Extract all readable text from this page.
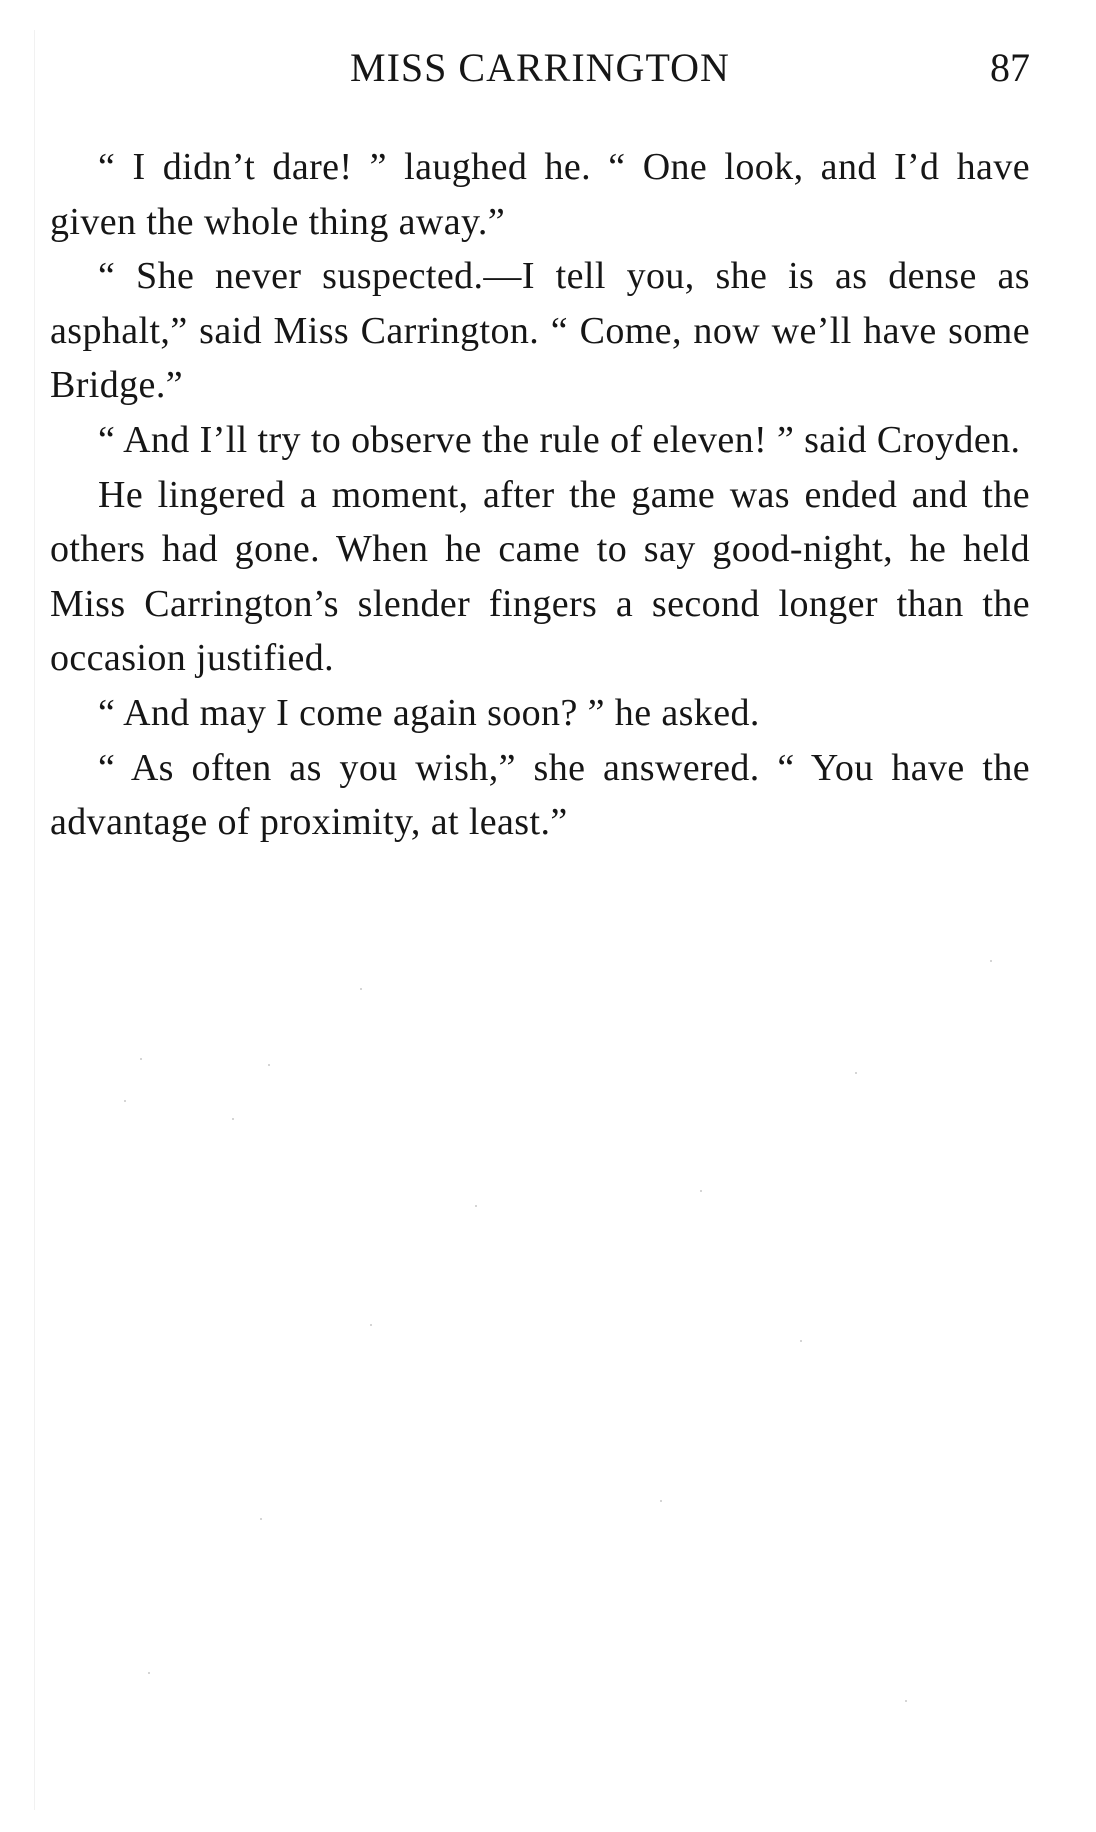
MISS CARRINGTON	87

“ I didn’t dare! ” laughed he. “ One look, and I’d have given the whole thing away.”

“ She never suspected.—I tell you, she is as dense as asphalt,” said Miss Carrington. “ Come, now we’ll have some Bridge.”

“ And I’ll try to observe the rule of eleven! ” said Croyden.

He lingered a moment, after the game was ended and the others had gone. When he came to say good-night, he held Miss Carrington’s slender fingers a second longer than the occasion justified.

“ And may I come again soon? ” he asked.

“ As often as you wish,” she answered. “ You have the advantage of proximity, at least.”
